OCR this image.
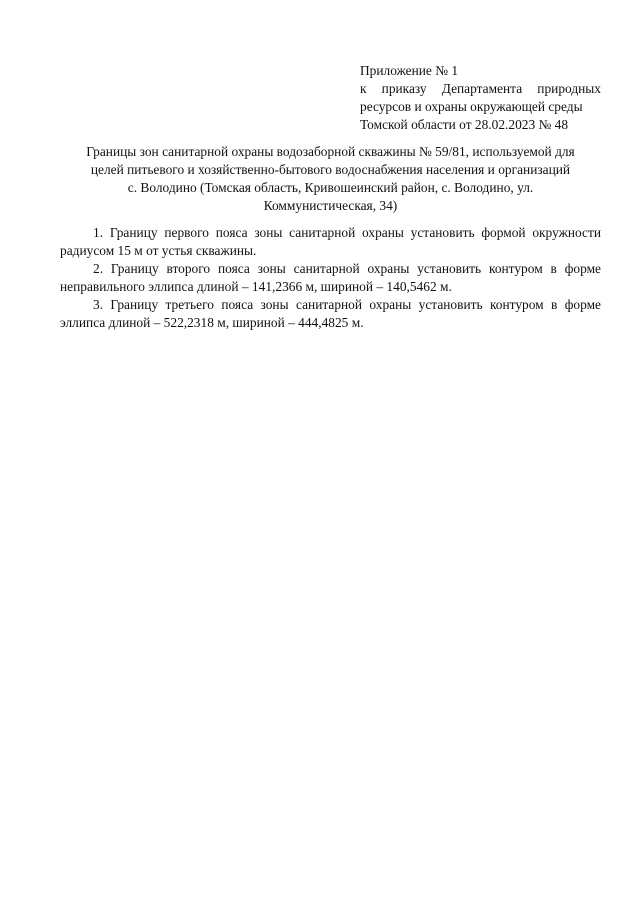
Приложение № 1
к приказу Департамента природных
ресурсов и охраны окружающей среды
Томской области от 28.02.2023 № 48
Границы зон санитарной охраны водозаборной скважины № 59/81, используемой для
целей питьевого и хозяйственно-бытового водоснабжения населения и организаций
с. Володино (Томская область, Кривошеинский район, с. Володино, ул.
Коммунистическая, 34)
1. Границу первого пояса зоны санитарной охраны установить формой окружности
радиусом 15 м от устья скважины.
2. Границу второго пояса зоны санитарной охраны установить контуром в форме
неправильного эллипса длиной – 141,2366 м, шириной – 140,5462 м.
3. Границу третьего пояса зоны санитарной охраны установить контуром в форме
эллипса длиной – 522,2318 м, шириной – 444,4825 м.
